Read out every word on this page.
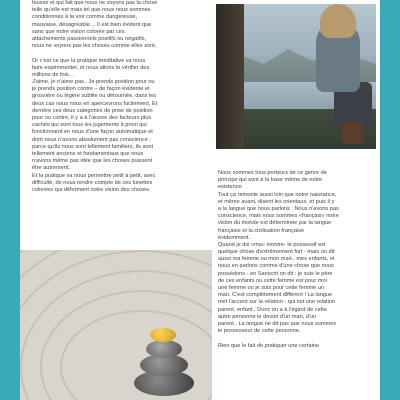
fausse et qui fait que nous ne voyons pas la chose
telle qu'elle est mais tel que nous nous sommes
conditionnés à la voir comme dangereuse,
mauvaise, désagréable… Il est bien évident que
sans que notre vision colorée par ces
attachements passionnels positifs ou négatifs,
nous ne voyons pas les choses comme elles sont.
Or c'est ce que la pratique méditative va nous
faire expérimenter, et nous allons le vérifier des
millions de fois…
J'aime, je n'aime pas.. Je prends position pour ou
je prends position contre – de façon évidente et
grossière ou légère subtile ou détournée, dans les
deux cas nous nous en apercevrons facilement. Et
derrière ces deux catégories de prise de position
pour ou contre, il y a à l'œuvre des facteurs plus
cachés qui sont tous les jugements à priori qui
fonctionnent en nous d'une façon automatique et
dont nous n'avons absolument pas conscience ;
parce qu'ils nous sont tellement familiers, ils sont
tellement anciens et fondamentaux que nous
n'avons même pas idée que les choses puissent
être autrement.
Et la pratique va nous permettre petit à petit, avec
difficulté, de nous rendre compte de ces lunettes
colorées qui déforment notre vision des choses.
Nous sommes tous porteurs de ce genre de
principe qui sont à la base même de notre
existence.
Tout ça remonte aussi loin que notre naissance,
et même avant, disent les orientaux, et puis il y
a la langue que nous parlons : Nous n'avons pas
conscience, mais nous sommes «français» notre
vision du monde est déterminée par la langue
française et la civilisation française
évidemment.
Quand je dis «ma» montre- le possessif est
quelque chose d'extrêmement fort - mais on dit
aussi ma femme ou mon mari.. mes enfants, et
nous en parlons comme d'une chose que nous
possédons - en Sanscrit on dit : je suis le père
de ces enfants ou cette femme est pour moi
une femme ou je suis pour cette femme un
mari. C'est complètement différent ! La langue
met l'accent sur la relation - qui est une relation
parent, enfant.. Donc on a à l'égard de cette
autre personne le devoir d'un mari, d'un
parent.. La langue ne dit pas que nous sommes
le possesseur de cette personne.
Rien que le fait de pratiquer une certaine
